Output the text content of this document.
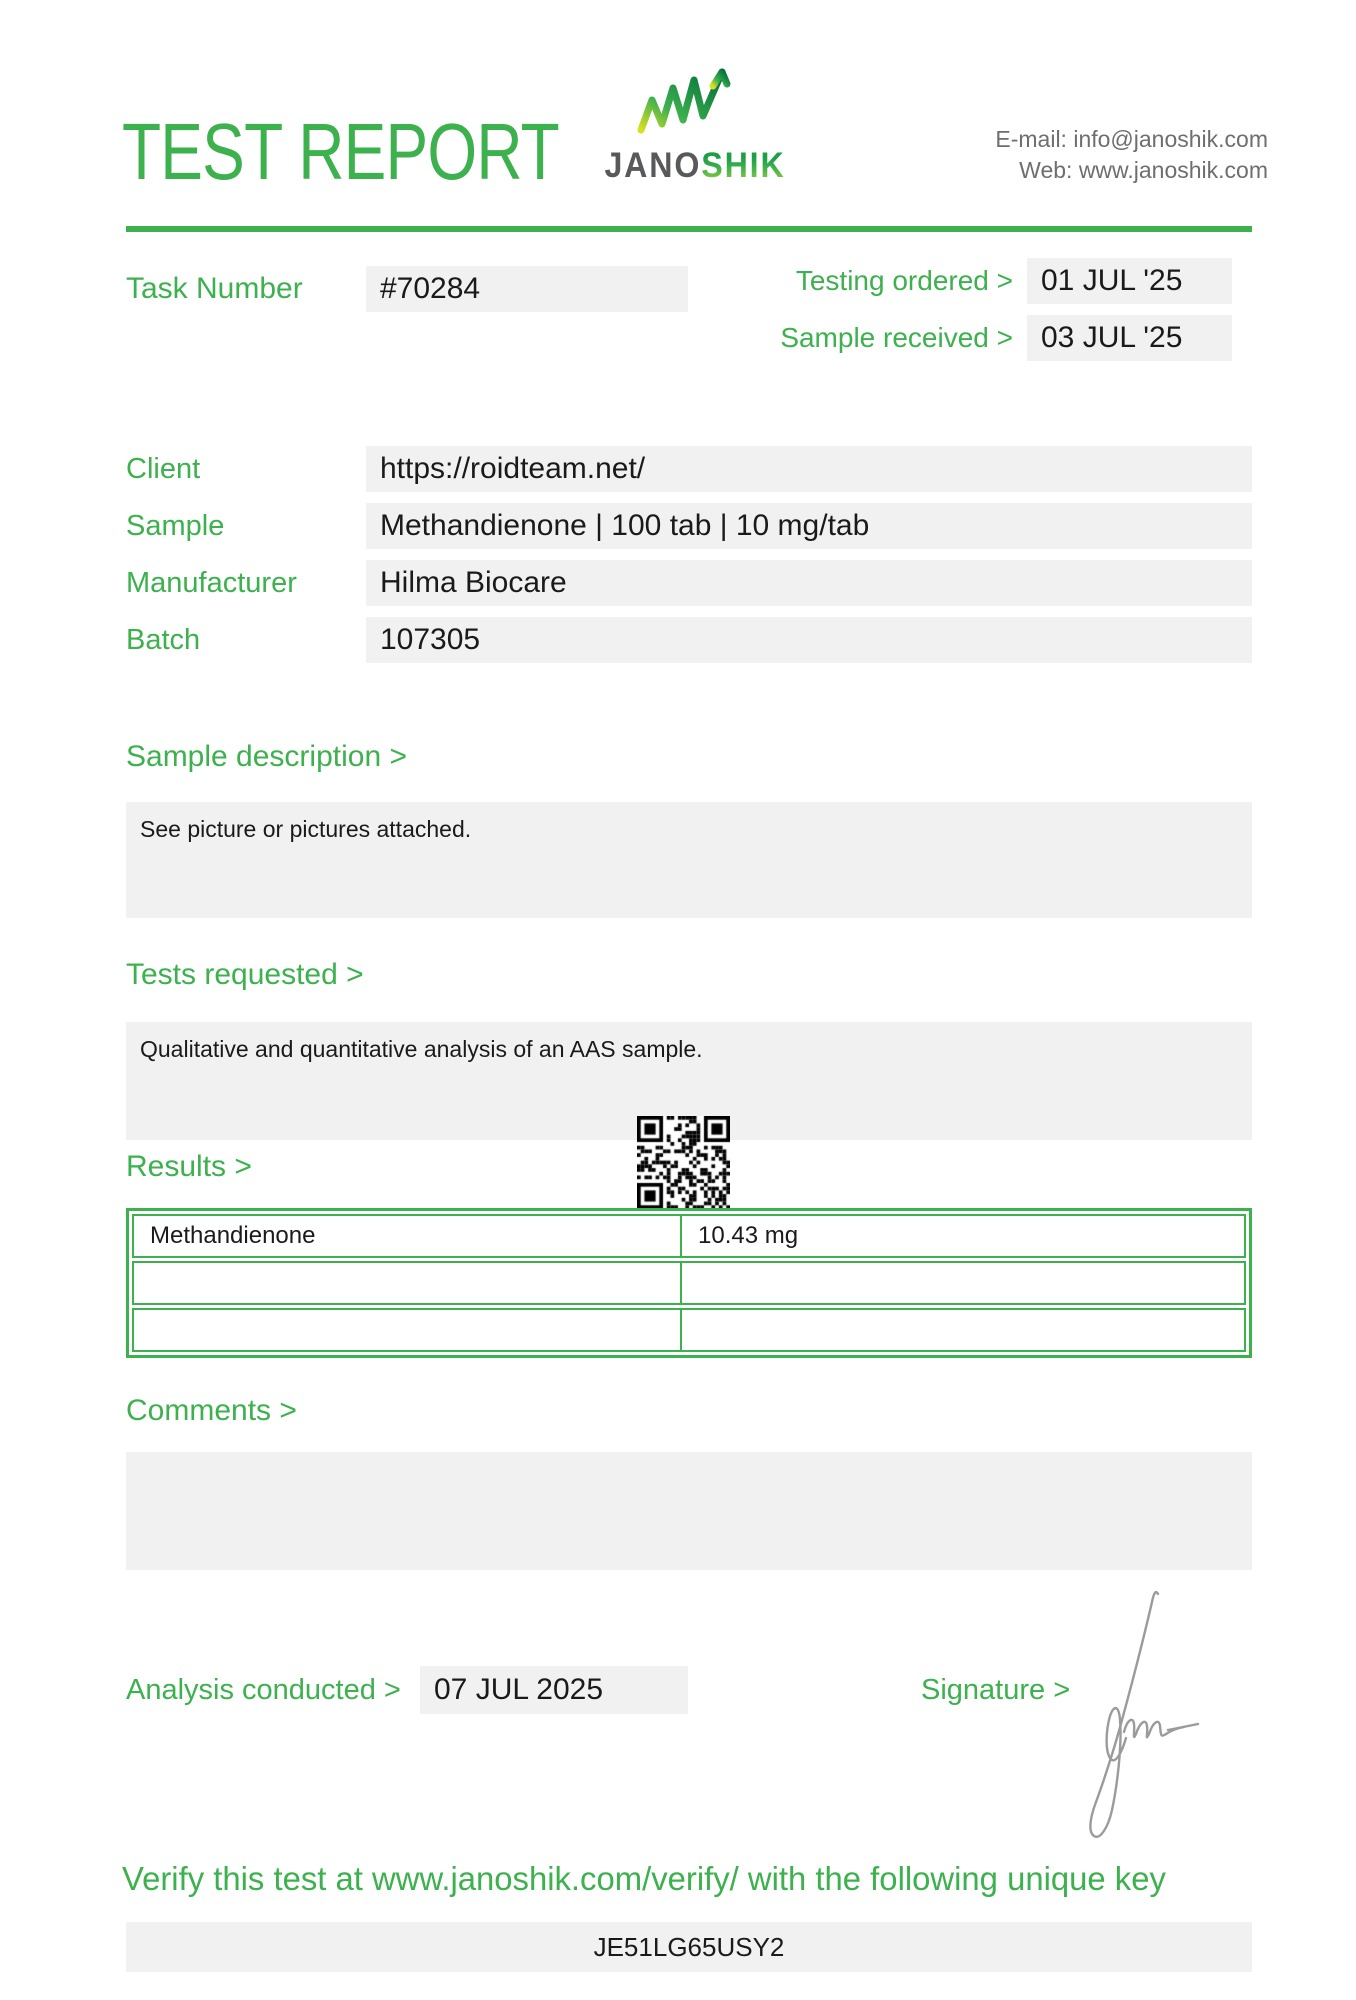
TEST REPORT	JANOSHIK
E-mail: info@janoshik.com
Web: www.janoshik.com
Task Number	#70284	Testing ordered > 01 JUL '25
Sample received > 03 JUL '25
Client	https://roidteam.net/
Sample	Methandienone | 100 tab | 10 mg/tab
Manufacturer	Hilma Biocare
Batch	107305
Sample description >
See picture or pictures attached.
Tests requested >
Qualitative and quantitative analysis of an AAS sample.
Results >
Methandienone	10.43 mg
Comments >
Analysis conducted >	07 JUL 2025	Signature >
Verify this test at www.janoshik.com/verify/ with the following unique key
JE51LG65USY2
